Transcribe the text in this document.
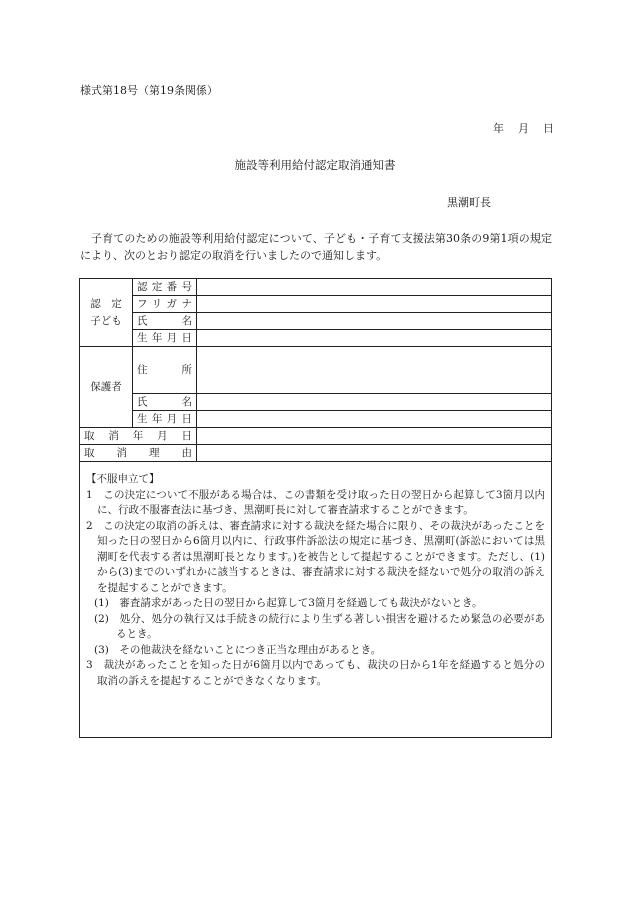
様式第18号（第19条関係）
年 月 日
施設等利用給付認定取消通知書
黒潮町長

子育てのための施設等利用給付認定について、子ども・子育て支援法第30条の9第1項の規定により、次のとおり認定の取消を行いましたので通知します。

認　定
子ども	認定番号	
	フリガナ	
	氏　　名	
	生年月日	
保護者	住　　所	
	氏　　名	
	生年月日	
取　消　年　月　日		
取　消　理　由		

【不服申立て】

1　この決定について不服がある場合は、この書類を受け取った日の翌日から起算して3箇月以内に、行政不服審査法に基づき、黒潮町長に対して審査請求することができます。

2　この決定の取消の訴えは、審査請求に対する裁決を経た場合に限り、その裁決があったことを知った日の翌日から6箇月以内に、行政事件訴訟法の規定に基づき、黒潮町(訴訟においては黒潮町を代表する者は黒潮町長となります。)を被告として提起することができます。ただし、(1)から(3)までのいずれかに該当するときは、審査請求に対する裁決を経ないで処分の取消の訴えを提起することができます。

(1)　審査請求があった日の翌日から起算して3箇月を経過しても裁決がないとき。

(2)　処分、処分の執行又は手続きの続行により生ずる著しい損害を避けるため緊急の必要があるとき。

(3)　その他裁決を経ないことにつき正当な理由があるとき。

3　裁決があったことを知った日が6箇月以内であっても、裁決の日から1年を経過すると処分の取消の訴えを提起することができなくなります。
